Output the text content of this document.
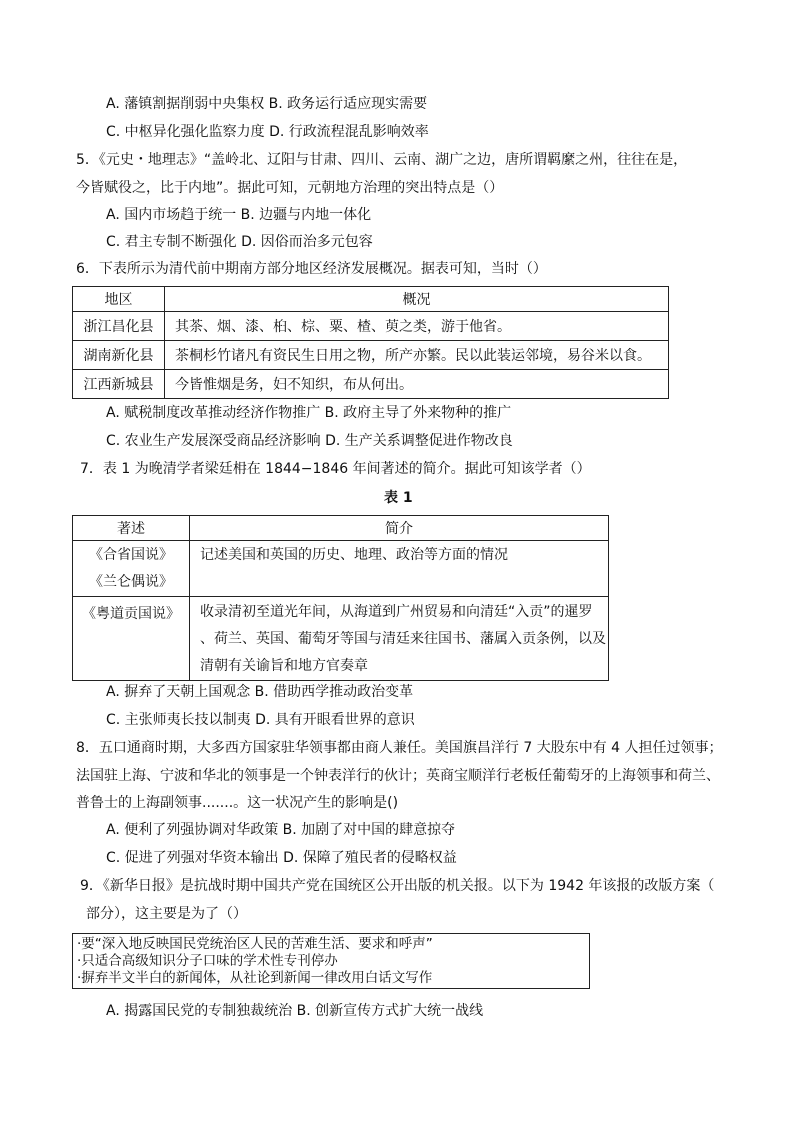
A. 藩镇割据削弱中央集权 B. 政务运行适应现实需要
C. 中枢异化强化监察力度 D. 行政流程混乱影响效率
5．《元史・地理志》“盖岭北、辽阳与甘肃、四川、云南、湖广之边，唐所谓羁縻之州，往往在是，
今皆赋役之，比于内地”。据此可知，元朝地方治理的突出特点是（）
A. 国内市场趋于统一 B. 边疆与内地一体化
C. 君主专制不断强化 D. 因俗而治多元包容
6．下表所示为清代前中期南方部分地区经济发展概况。据表可知，当时（）
地区	概况
浙江昌化县	其茶、烟、漆、桕、棕、粟、楂、萸之类，游于他省。
湖南新化县	茶桐杉竹诸凡有资民生日用之物，所产亦繁。民以此装运邻境，易谷米以食。
江西新城县	今皆惟烟是务，妇不知织，布从何出。
A. 赋税制度改革推动经济作物推广 B. 政府主导了外来物种的推广
C. 农业生产发展深受商品经济影响 D. 生产关系调整促进作物改良
7．表 1 为晚清学者梁廷枏在 1844−1846 年间著述的简介。据此可知该学者（）
表 1
著述	简介

《合省国说》
《兰仑偶说》	记述美国和英国的历史、地理、政治等方面的情况
《粤道贡国说》	收录清初至道光年间，从海道到广州贸易和向清廷“入贡”的暹罗
、荷兰、英国、葡萄牙等国与清廷来往国书、藩属入贡条例，以及
清朝有关谕旨和地方官奏章
A. 摒弃了天朝上国观念 B. 借助西学推动政治变革
C. 主张师夷长技以制夷 D. 具有开眼看世界的意识
8．五口通商时期，大多西方国家驻华领事都由商人兼任。美国旗昌洋行 7 大股东中有 4 人担任过领事；
法国驻上海、宁波和华北的领事是一个钟表洋行的伙计；英商宝顺洋行老板任葡萄牙的上海领事和荷兰、
普鲁士的上海副领事.......。这一状况产生的影响是()
A. 便利了列强协调对华政策 B. 加剧了对中国的肆意掠夺
C. 促进了列强对华资本输出 D. 保障了殖民者的侵略权益
9．《新华日报》是抗战时期中国共产党在国统区公开出版的机关报。以下为 1942 年该报的改版方案（
部分），这主要是为了（）
·要“深入地反映国民党统治区人民的苦难生活、要求和呼声”
·只适合高级知识分子口味的学术性专刊停办
·摒弃半文半白的新闻体，从社论到新闻一律改用白话文写作
A. 揭露国民党的专制独裁统治 B. 创新宣传方式扩大统一战线
